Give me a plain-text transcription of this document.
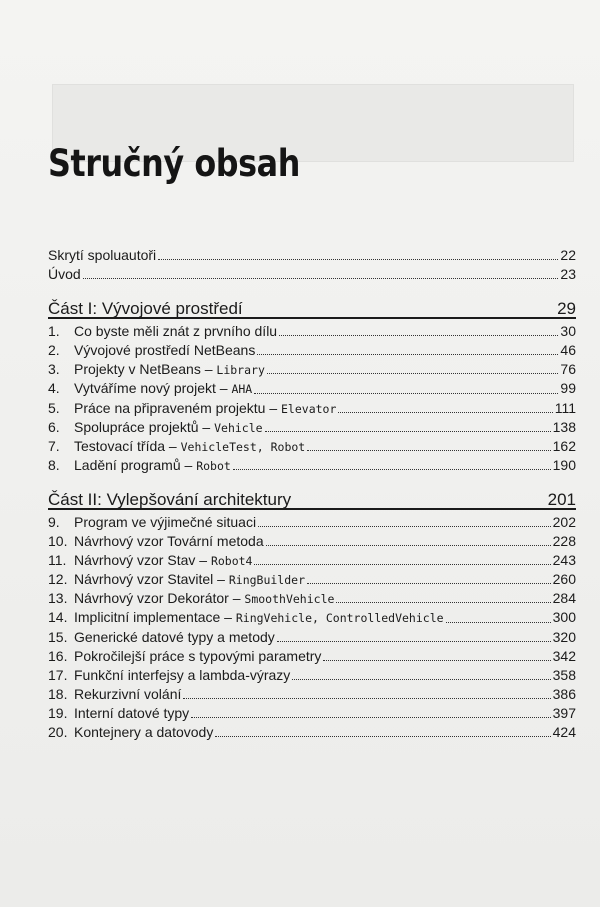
Stručný obsah
Skrytí spoluautoři	22
Úvod	23
Část I: Vývojové prostředí	29
1.	Co byste měli znát z prvního dílu	30
2.	Vývojové prostředí NetBeans	46
3.	Projekty v NetBeans – Library	76
4.	Vytváříme nový projekt – AHA	99
5.	Práce na připraveném projektu – Elevator	111
6.	Spolupráce projektů – Vehicle	138
7.	Testovací třída – VehicleTest, Robot	162
8.	Ladění programů – Robot	190
Část II: Vylepšování architektury	201
9.	Program ve výjimečné situaci	202
10. Návrhový vzor Tovární metoda	228
11. Návrhový vzor Stav – Robot4	243
12. Návrhový vzor Stavitel – RingBuilder	260
13. Návrhový vzor Dekorátor – SmoothVehicle	284
14. Implicitní implementace – RingVehicle, ControlledVehicle	300
15. Generické datové typy a metody	320
16. Pokročilejší práce s typovými parametry	342
17. Funkční interfejsy a lambda-výrazy	358
18. Rekurzivní volání	386
19. Interní datové typy	397
20. Kontejnery a datovody	424
